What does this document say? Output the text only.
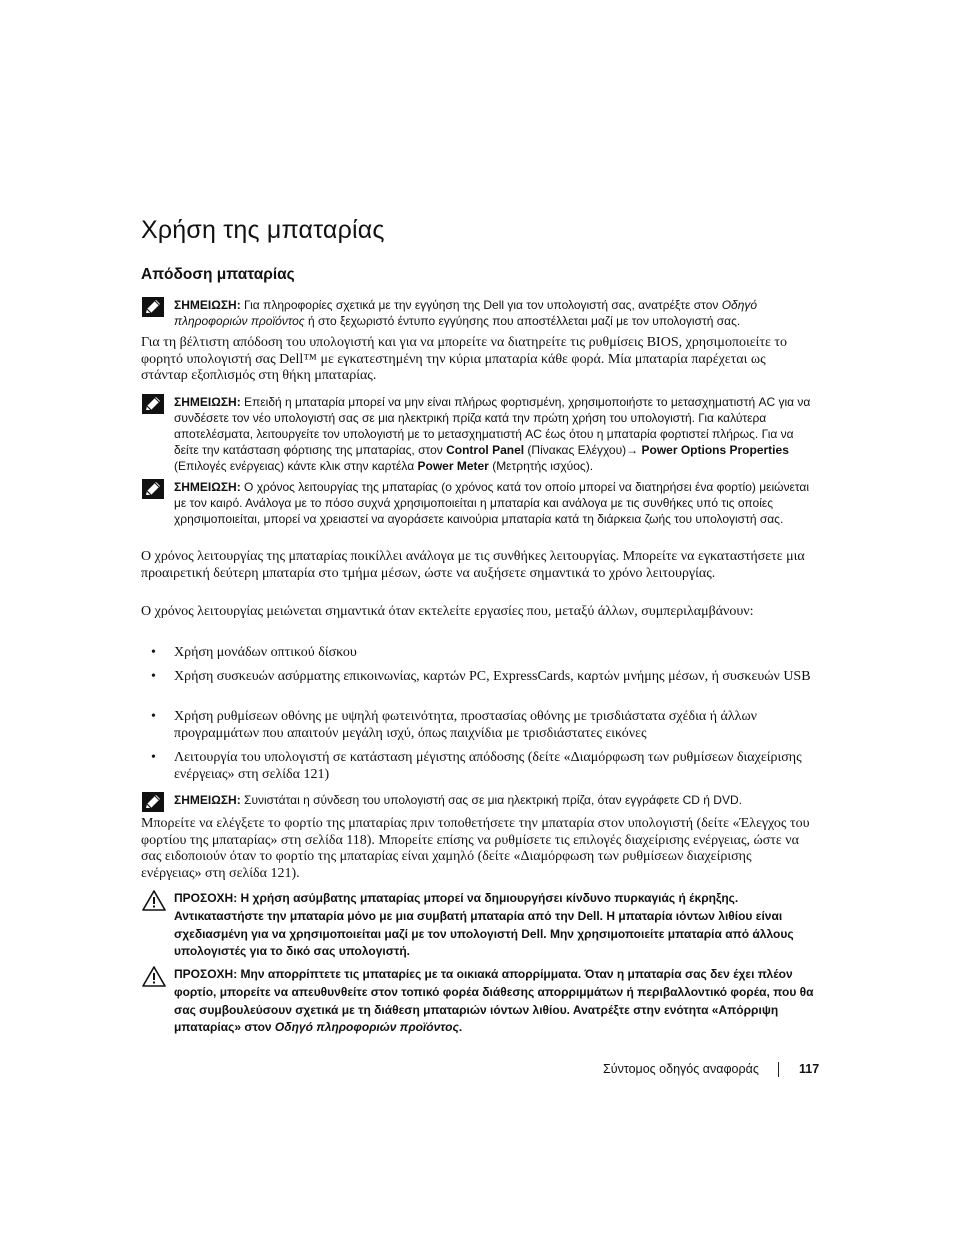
Χρήση της μπαταρίας
Απόδοση μπαταρίας
ΣΗΜΕΙΩΣΗ: Για πληροφορίες σχετικά με την εγγύηση της Dell για τον υπολογιστή σας, ανατρέξτε στον Οδηγό πληροφοριών προϊόντος ή στο ξεχωριστό έντυπο εγγύησης που αποστέλλεται μαζί με τον υπολογιστή σας.

Για τη βέλτιστη απόδοση του υπολογιστή και για να μπορείτε να διατηρείτε τις ρυθμίσεις BIOS, χρησιμοποιείτε το φορητό υπολογιστή σας Dell™ με εγκατεστημένη την κύρια μπαταρία κάθε φορά. Μία μπαταρία παρέχεται ως στάνταρ εξοπλισμός στη θήκη μπαταρίας.

ΣΗΜΕΙΩΣΗ: Επειδή η μπαταρία μπορεί να μην είναι πλήρως φορτισμένη, χρησιμοποιήστε το μετασχηματιστή AC για να συνδέσετε τον νέο υπολογιστή σας σε μια ηλεκτρική πρίζα κατά την πρώτη χρήση του υπολογιστή. Για καλύτερα αποτελέσματα, λειτουργείτε τον υπολογιστή με το μετασχηματιστή AC έως ότου η μπαταρία φορτιστεί πλήρως. Για να δείτε την κατάσταση φόρτισης της μπαταρίας, στον Control Panel (Πίνακας Ελέγχου)→ Power Options Properties (Επιλογές ενέργειας) κάντε κλικ στην καρτέλα Power Meter (Μετρητής ισχύος).
ΣΗΜΕΙΩΣΗ: Ο χρόνος λειτουργίας της μπαταρίας (ο χρόνος κατά τον οποίο μπορεί να διατηρήσει ένα φορτίο) μειώνεται με τον καιρό. Ανάλογα με το πόσο συχνά χρησιμοποιείται η μπαταρία και ανάλογα με τις συνθήκες υπό τις οποίες χρησιμοποιείται, μπορεί να χρειαστεί να αγοράσετε καινούρια μπαταρία κατά τη διάρκεια ζωής του υπολογιστή σας.

Ο χρόνος λειτουργίας της μπαταρίας ποικίλλει ανάλογα με τις συνθήκες λειτουργίας. Μπορείτε να εγκαταστήσετε μια προαιρετική δεύτερη μπαταρία στο τμήμα μέσων, ώστε να αυξήσετε σημαντικά το χρόνο λειτουργίας.

Ο χρόνος λειτουργίας μειώνεται σημαντικά όταν εκτελείτε εργασίες που, μεταξύ άλλων, συμπεριλαμβάνουν:

• Χρήση μονάδων οπτικού δίσκου
• Χρήση συσκευών ασύρματης επικοινωνίας, καρτών PC, ExpressCards, καρτών μνήμης μέσων, ή συσκευών USB
• Χρήση ρυθμίσεων οθόνης με υψηλή φωτεινότητα, προστασίας οθόνης με τρισδιάστατα σχέδια ή άλλων προγραμμάτων που απαιτούν μεγάλη ισχύ, όπως παιχνίδια με τρισδιάστατες εικόνες
• Λειτουργία του υπολογιστή σε κατάσταση μέγιστης απόδοσης (δείτε «Διαμόρφωση των ρυθμίσεων διαχείρισης ενέργειας» στη σελίδα 121)
ΣΗΜΕΙΩΣΗ: Συνιστάται η σύνδεση του υπολογιστή σας σε μια ηλεκτρική πρίζα, όταν εγγράφετε CD ή DVD.

Μπορείτε να ελέγξετε το φορτίο της μπαταρίας πριν τοποθετήσετε την μπαταρία στον υπολογιστή (δείτε «Έλεγχος του φορτίου της μπαταρίας» στη σελίδα 118). Μπορείτε επίσης να ρυθμίσετε τις επιλογές διαχείρισης ενέργειας, ώστε να σας ειδοποιούν όταν το φορτίο της μπαταρίας είναι χαμηλό (δείτε «Διαμόρφωση των ρυθμίσεων διαχείρισης ενέργειας» στη σελίδα 121).

ΠΡΟΣΟΧΗ: Η χρήση ασύμβατης μπαταρίας μπορεί να δημιουργήσει κίνδυνο πυρκαγιάς ή έκρηξης. Αντικαταστήστε την μπαταρία μόνο με μια συμβατή μπαταρία από την Dell. Η μπαταρία ιόντων λιθίου είναι σχεδιασμένη για να χρησιμοποιείται μαζί με τον υπολογιστή Dell. Μην χρησιμοποιείτε μπαταρία από άλλους υπολογιστές για το δικό σας υπολογιστή.
ΠΡΟΣΟΧΗ: Μην απορρίπτετε τις μπαταρίες με τα οικιακά απορρίμματα. Όταν η μπαταρία σας δεν έχει πλέον φορτίο, μπορείτε να απευθυνθείτε στον τοπικό φορέα διάθεσης απορριμμάτων ή περιβαλλοντικό φορέα, που θα σας συμβουλεύσουν σχετικά με τη διάθεση μπαταριών ιόντων λιθίου. Ανατρέξτε στην ενότητα «Απόρριψη μπαταρίας» στον Οδηγό πληροφοριών προϊόντος.
Σύντομος οδηγός αναφοράς	117
